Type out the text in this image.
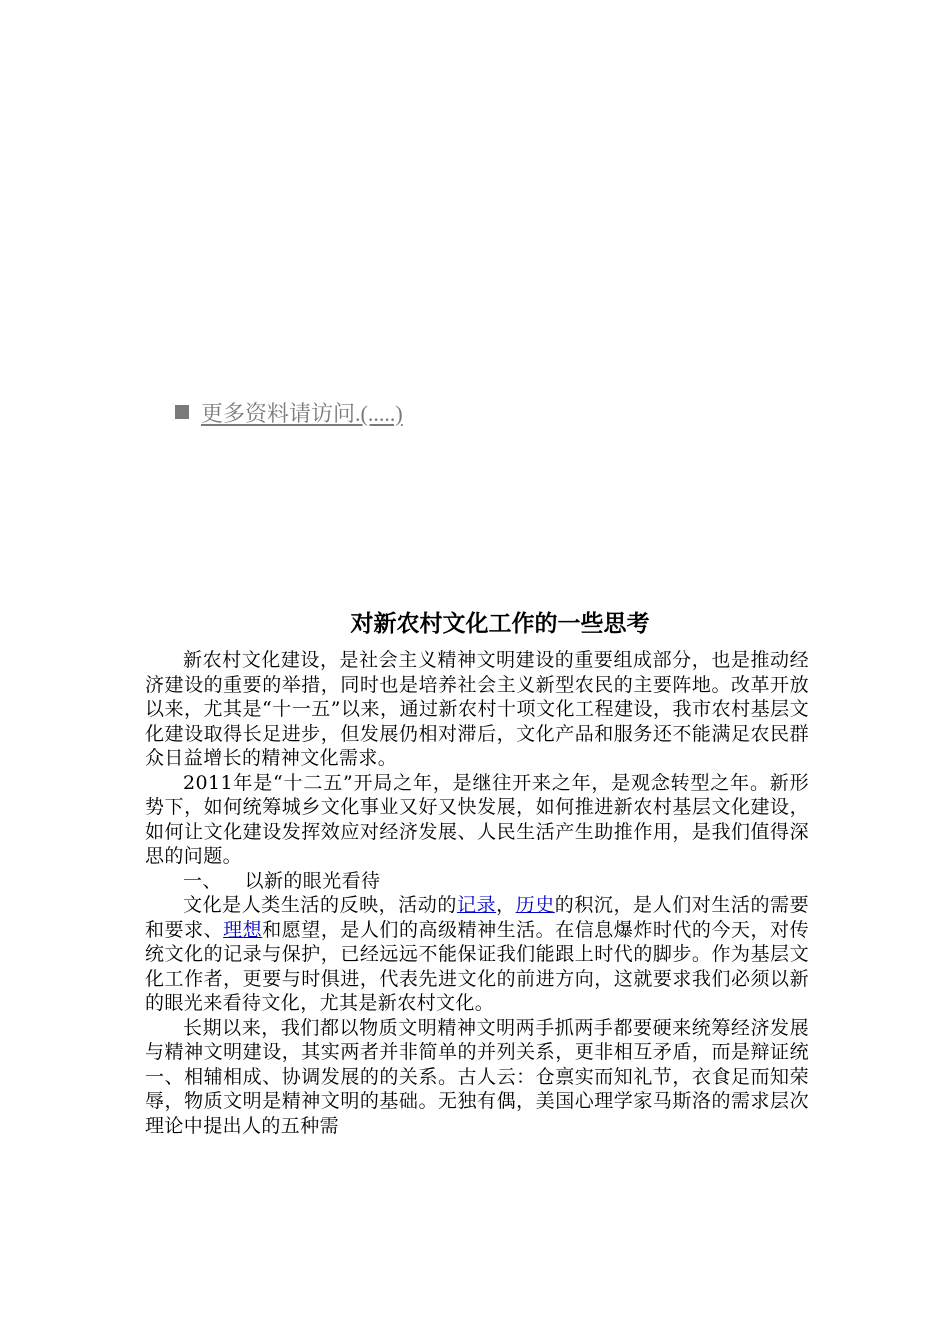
更多资料请访问.(.....)
对新农村文化工作的一些思考

新农村文化建设，是社会主义精神文明建设的重要组成部分，也是推动经济建设的重要的举措，同时也是培养社会主义新型农民的主要阵地。改革开放以来，尤其是“十一五”以来，通过新农村十项文化工程建设，我市农村基层文化建设取得长足进步，但发展仍相对滞后，文化产品和服务还不能满足农民群众日益增长的精神文化需求。

2011年是“十二五”开局之年，是继往开来之年，是观念转型之年。新形势下，如何统筹城乡文化事业又好又快发展，如何推进新农村基层文化建设，如何让文化建设发挥效应对经济发展、人民生活产生助推作用，是我们值得深思的问题。

一、 以新的眼光看待

文化是人类生活的反映，活动的记录，历史的积沉，是人们对生活的需要和要求、理想和愿望，是人们的高级精神生活。在信息爆炸时代的今天，对传统文化的记录与保护，已经远远不能保证我们能跟上时代的脚步。作为基层文化工作者，更要与时俱进，代表先进文化的前进方向，这就要求我们必须以新的眼光来看待文化，尤其是新农村文化。

长期以来，我们都以物质文明精神文明两手抓两手都要硬来统筹经济发展与精神文明建设，其实两者并非简单的并列关系，更非相互矛盾，而是辩证统一、相辅相成、协调发展的的关系。古人云：仓禀实而知礼节，衣食足而知荣辱，物质文明是精神文明的基础。无独有偶，美国心理学家马斯洛的需求层次理论中提出人的五种需
